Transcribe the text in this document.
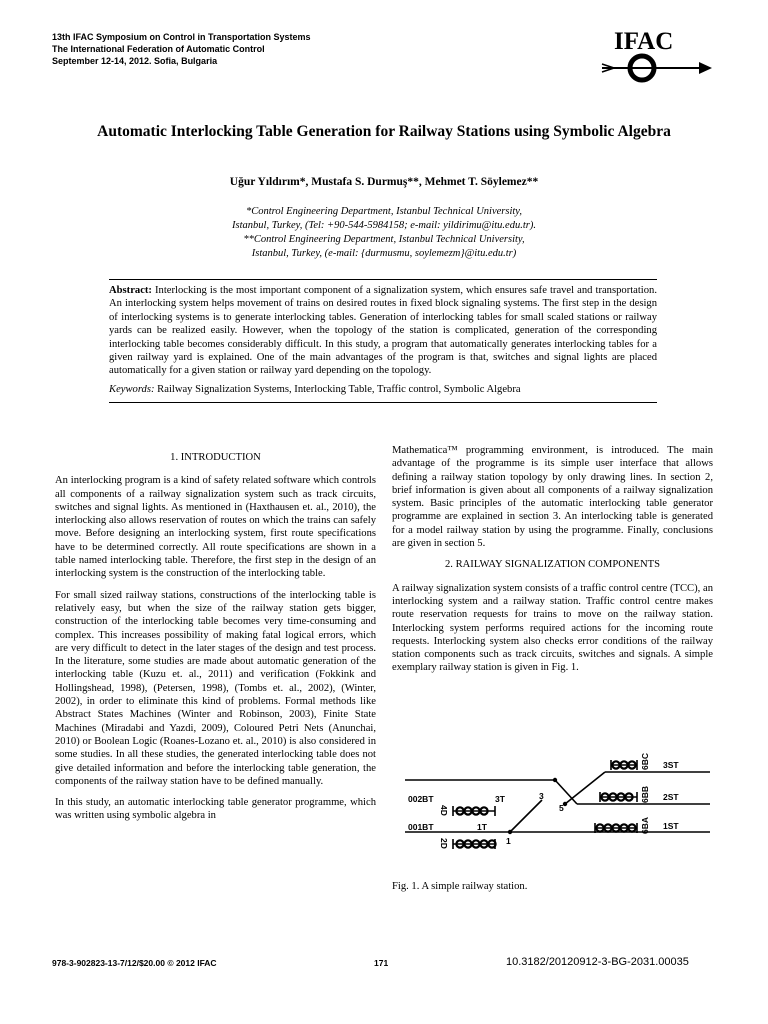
13th IFAC Symposium on Control in Transportation Systems
The International Federation of Automatic Control
September 12-14, 2012. Sofia, Bulgaria
IFAC
Automatic Interlocking Table Generation for Railway Stations using Symbolic Algebra
Uğur Yıldırım*, Mustafa S. Durmuş**, Mehmet T. Söylemez**
*Control Engineering Department, Istanbul Technical University,
Istanbul, Turkey, (Tel: +90-544-5984158; e-mail: yildirimu@itu.edu.tr).
**Control Engineering Department, Istanbul Technical University,
Istanbul, Turkey, (e-mail: {durmusmu, soylemezm}@itu.edu.tr)
Abstract: Interlocking is the most important component of a signalization system, which ensures safe travel and transportation. An interlocking system helps movement of trains on desired routes in fixed block signaling systems. The first step in the design of interlocking systems is to generate interlocking tables. Generation of interlocking tables for small scaled stations or railway yards can be realized easily. However, when the topology of the station is complicated, generation of the corresponding interlocking table becomes considerably difficult. In this study, a program that automatically generates interlocking tables for a given railway yard is explained. One of the main advantages of the program is that, switches and signal lights are placed automatically for a given station or railway yard depending on the topology.
Keywords: Railway Signalization Systems, Interlocking Table, Traffic control, Symbolic Algebra
1. INTRODUCTION

An interlocking program is a kind of safety related software which controls all components of a railway signalization system such as track circuits, switches and signal lights. As mentioned in (Haxthausen et. al., 2010), the interlocking also allows reservation of routes on which the trains can safely move. Before designing an interlocking system, first route specifications have to be determined correctly. All route specifications are shown in a table named interlocking table. Therefore, the first step in the design of an interlocking system is the construction of the interlocking table.

For small sized railway stations, constructions of the interlocking table is relatively easy, but when the size of the railway station gets bigger, construction of the interlocking table becomes very time-consuming and complex. This increases possibility of making fatal logical errors, which are very difficult to detect in the later stages of the design and test process. In the literature, some studies are made about automatic generation of the interlocking table (Kuzu et. al., 2011) and verification (Fokkink and Hollingshead, 1998), (Petersen, 1998), (Tombs et. al., 2002), (Winter, 2002), in order to eliminate this kind of problems. Formal methods like Abstract States Machines (Winter and Robinson, 2003), Finite State Machines (Miradabi and Yazdi, 2009), Coloured Petri Nets (Anunchai, 2010) or Boolean Logic (Roanes-Lozano et. al., 2010) is also considered in some studies. In all these studies, the generated interlocking table does not give detailed information and before the interlocking table generation, the components of the railway station have to be defined manually.

In this study, an automatic interlocking table generator programme, which was written using symbolic algebra in

Mathematica™ programming environment, is introduced. The main advantage of the programme is its simple user interface that allows defining a railway station topology by only drawing lines. In section 2, brief information is given about all components of a railway signalization system. Basic principles of the automatic interlocking table generator programme are explained in section 3. An interlocking table is generated for a model railway station by using the programme. Finally, conclusions are given in section 5.

2. RAILWAY SIGNALIZATION COMPONENTS

A railway signalization system consists of a traffic control centre (TCC), an interlocking system and a railway station. Traffic control centre makes route reservation requests for trains to move on the railway station. Interlocking system performs required actions for the incoming route requests. Interlocking system also checks error conditions of the railway station components such as track circuits, switches and signals. A simple exemplary railway station is given in Fig. 1.

3ST
2ST
1ST
002BT
001BT
3T
1T
3
5
1
6BC
6BB
6BA
4D
2D
Fig. 1. A simple railway station.
978-3-902823-13-7/12/$20.00 © 2012 IFAC	171	10.3182/20120912-3-BG-2031.00035
